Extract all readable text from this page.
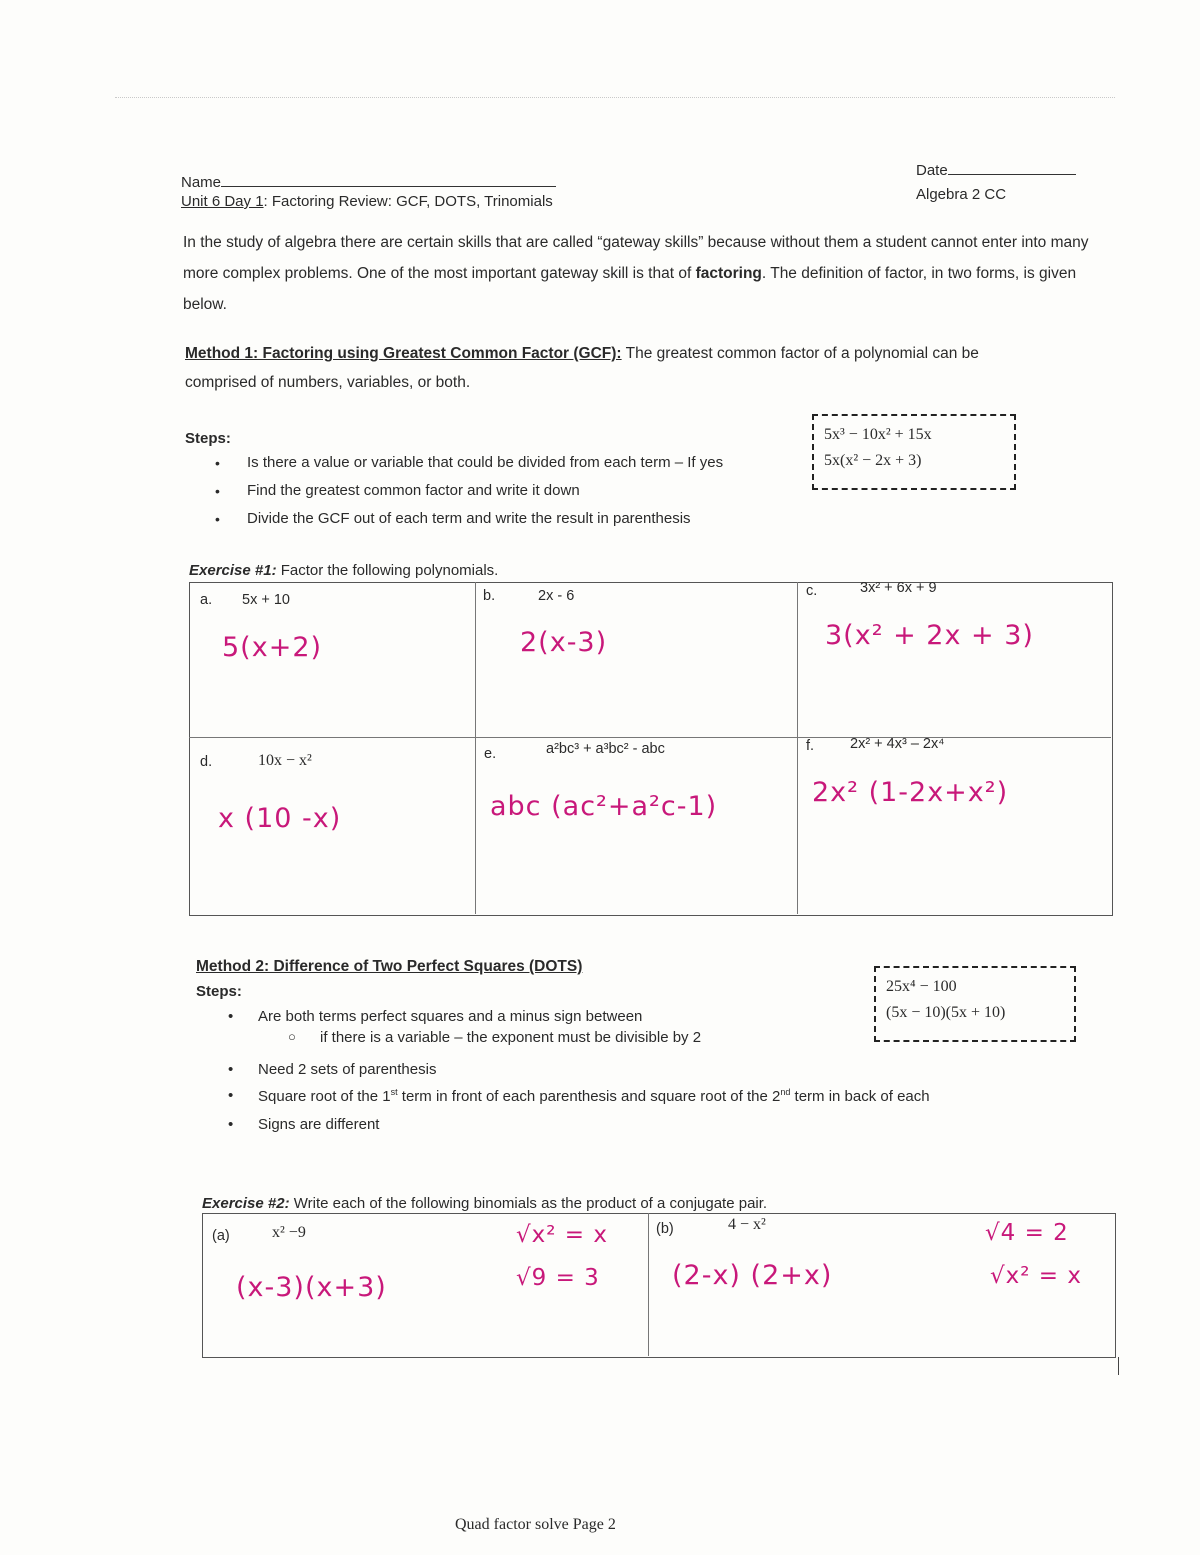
Name
Unit 6 Day 1: Factoring Review: GCF, DOTS, Trinomials
Date
Algebra 2 CC
In the study of algebra there are certain skills that are called “gateway skills” because without them a student cannot enter into many more complex problems. One of the most important gateway skill is that of factoring. The definition of factor, in two forms, is given below.
Method 1: Factoring using Greatest Common Factor (GCF): The greatest common factor of a polynomial can be
comprised of numbers, variables, or both.
Steps:
• Is there a value or variable that could be divided from each term – If yes
• Find the greatest common factor and write it down
• Divide the GCF out of each term and write the result in parenthesis
5x³ − 10x² + 15x
5x(x² − 2x + 3)
Exercise #1: Factor the following polynomials.
a. 5x + 10
5(x+2)
b.	2x - 6
2(x-3)
c.	3x² + 6x + 9
3(x² + 2x + 3)
d.	10x − x²
x (10 -x)
e.	a²bc³ + a³bc² - abc
abc (ac²+a²c-1)
f. 2x² + 4x³ – 2x⁴
2x² (1-2x+x²)
Method 2: Difference of Two Perfect Squares (DOTS)
Steps:
• Are both terms perfect squares and a minus sign between
○ if there is a variable – the exponent must be divisible by 2
• Need 2 sets of parenthesis
• Square root of the 1st term in front of each parenthesis and square root of the 2nd term in back of each
• Signs are different
25x⁴ − 100
(5x − 10)(5x + 10)
Exercise #2: Write each of the following binomials as the product of a conjugate pair.
(a)	x² −9	√x² = x
√9 = 3
(x-3)(x+3)
(b)	4 − x²	√4 = 2
√x² = x
(2-x) (2+x)
Quad factor solve Page 2
